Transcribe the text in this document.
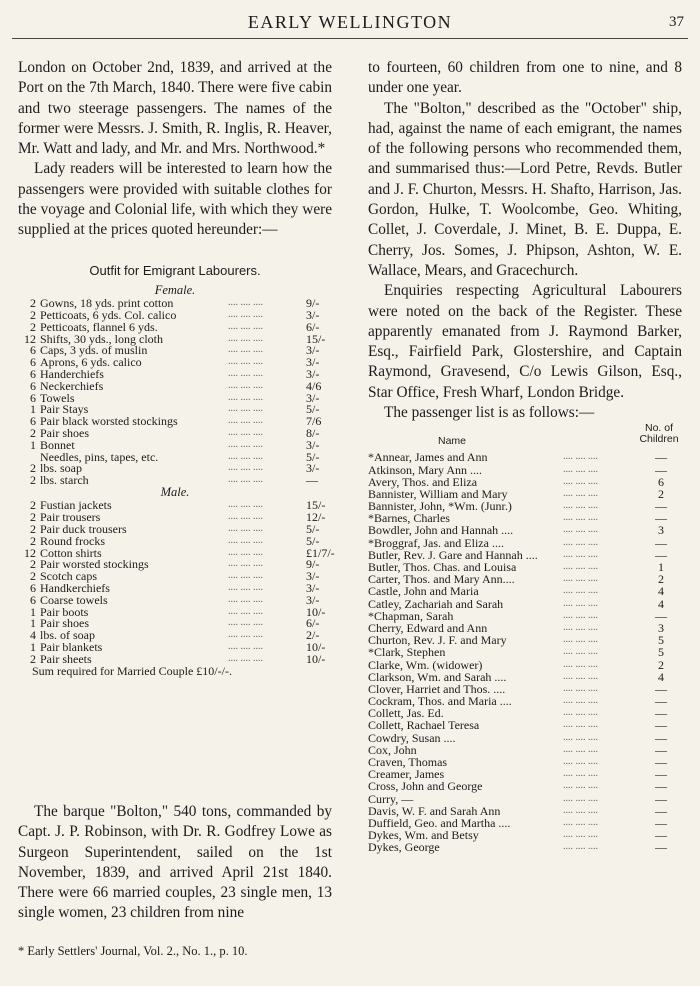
EARLY WELLINGTON	37

London on October 2nd, 1839, and arrived at the Port on the 7th March, 1840. There were five cabin and two steerage passengers. The names of the former were Messrs. J. Smith, R. Inglis, R. Heaver, Mr. Watt and lady, and Mr. and Mrs. Northwood.*

Lady readers will be interested to learn how the passengers were provided with suitable clothes for the voyage and Colonial life, with which they were supplied at the prices quoted hereunder:—

Outfit for Emigrant Labourers.
Female.
2 Gowns, 18 yds. print cotton	.... .... ....	9/-
2 Petticoats, 6 yds. Col. calico	.... .... ....	3/-
2 Petticoats, flannel 6 yds.	.... .... ....	6/-
12 Shifts, 30 yds., long cloth	.... .... ....	15/-
6 Caps, 3 yds. of muslin	.... .... ....	3/-
6 Aprons, 6 yds. calico	.... .... ....	3/-
6 Handerchiefs	.... .... ....	3/-
6 Neckerchiefs	.... .... ....	4/6
6 Towels	.... .... ....	3/-
1 Pair Stays	.... .... ....	5/-
6 Pair black worsted stockings	.... .... ....	7/6
2 Pair shoes	.... .... ....	8/-
1 Bonnet	.... .... ....	3/-
Needles, pins, tapes, etc.	.... .... ....	5/-
2 lbs. soap	.... .... ....	3/-
2 lbs. starch	.... .... ....	—
Male.
2 Fustian jackets	.... .... ....	15/-
2 Pair trousers	.... .... ....	12/-
2 Pair duck trousers	.... .... ....	5/-
2 Round frocks	.... .... ....	5/-
12 Cotton shirts	.... .... ....	£1/7/-
2 Pair worsted stockings	.... .... ....	9/-
2 Scotch caps	.... .... ....	3/-
6 Handkerchiefs	.... .... ....	3/-
6 Coarse towels	.... .... ....	3/-
1 Pair boots	.... .... ....	10/-
1 Pair shoes	.... .... ....	6/-
4 lbs. of soap	.... .... ....	2/-
1 Pair blankets	.... .... ....	10/-
2 Pair sheets	.... .... ....	10/-
Sum required for Married Couple £10/-/-.

The barque "Bolton," 540 tons, commanded by Capt. J. P. Robinson, with Dr. R. Godfrey Lowe as Surgeon Superintendent, sailed on the 1st November, 1839, and arrived April 21st 1840. There were 66 married couples, 23 single men, 13 single women, 23 children from nine

* Early Settlers' Journal, Vol. 2., No. 1., p. 10.

to fourteen, 60 children from one to nine, and 8 under one year.

The "Bolton," described as the "October" ship, had, against the name of each emigrant, the names of the following persons who recommended them, and summarised thus:—Lord Petre, Revds. Butler and J. F. Churton, Messrs. H. Shafto, Harrison, Jas. Gordon, Hulke, T. Woolcombe, Geo. Whiting, Collet, J. Coverdale, J. Minet, B. E. Duppa, E. Cherry, Jos. Somes, J. Phipson, Ashton, W. E. Wallace, Mears, and Gracechurch.

Enquiries respecting Agricultural Labourers were noted on the back of the Register. These apparently emanated from J. Raymond Barker, Esq., Fairfield Park, Glostershire, and Captain Raymond, Gravesend, C/o Lewis Gilson, Esq., Star Office, Fresh Wharf, London Bridge.

The passenger list is as follows:—

Name
No. of
Children
*Annear, James and Ann	.... .... ....	—
Atkinson, Mary Ann ....	.... .... ....	—
Avery, Thos. and Eliza	.... .... ....	6
Bannister, William and Mary	.... .... ....	2
Bannister, John, *Wm. (Junr.)	.... .... ....	—
*Barnes, Charles	.... .... ....	—
Bowdler, John and Hannah ....	.... .... ....	3
*Broggraf, Jas. and Eliza ....	.... .... ....	—
Butler, Rev. J. Gare and Hannah ....	.... .... ....	—
Butler, Thos. Chas. and Louisa	.... .... ....	1
Carter, Thos. and Mary Ann....	.... .... ....	2
Castle, John and Maria	.... .... ....	4
Catley, Zachariah and Sarah	.... .... ....	4
*Chapman, Sarah	.... .... ....	—
Cherry, Edward and Ann	.... .... ....	3
Churton, Rev. J. F. and Mary	.... .... ....	5
*Clark, Stephen	.... .... ....	5
Clarke, Wm. (widower)	.... .... ....	2
Clarkson, Wm. and Sarah ....	.... .... ....	4
Clover, Harriet and Thos. ....	.... .... ....	—
Cockram, Thos. and Maria ....	.... .... ....	—
Collett, Jas. Ed.	.... .... ....	—
Collett, Rachael Teresa	.... .... ....	—
Cowdry, Susan ....	.... .... ....	—
Cox, John	.... .... ....	—
Craven, Thomas	.... .... ....	—
Creamer, James	.... .... ....	—
Cross, John and George	.... .... ....	—
Curry, —	.... .... ....	—
Davis, W. F. and Sarah Ann	.... .... ....	—
Duffield, Geo. and Martha ....	.... .... ....	—
Dykes, Wm. and Betsy	.... .... ....	—
Dykes, George	.... .... ....	—
